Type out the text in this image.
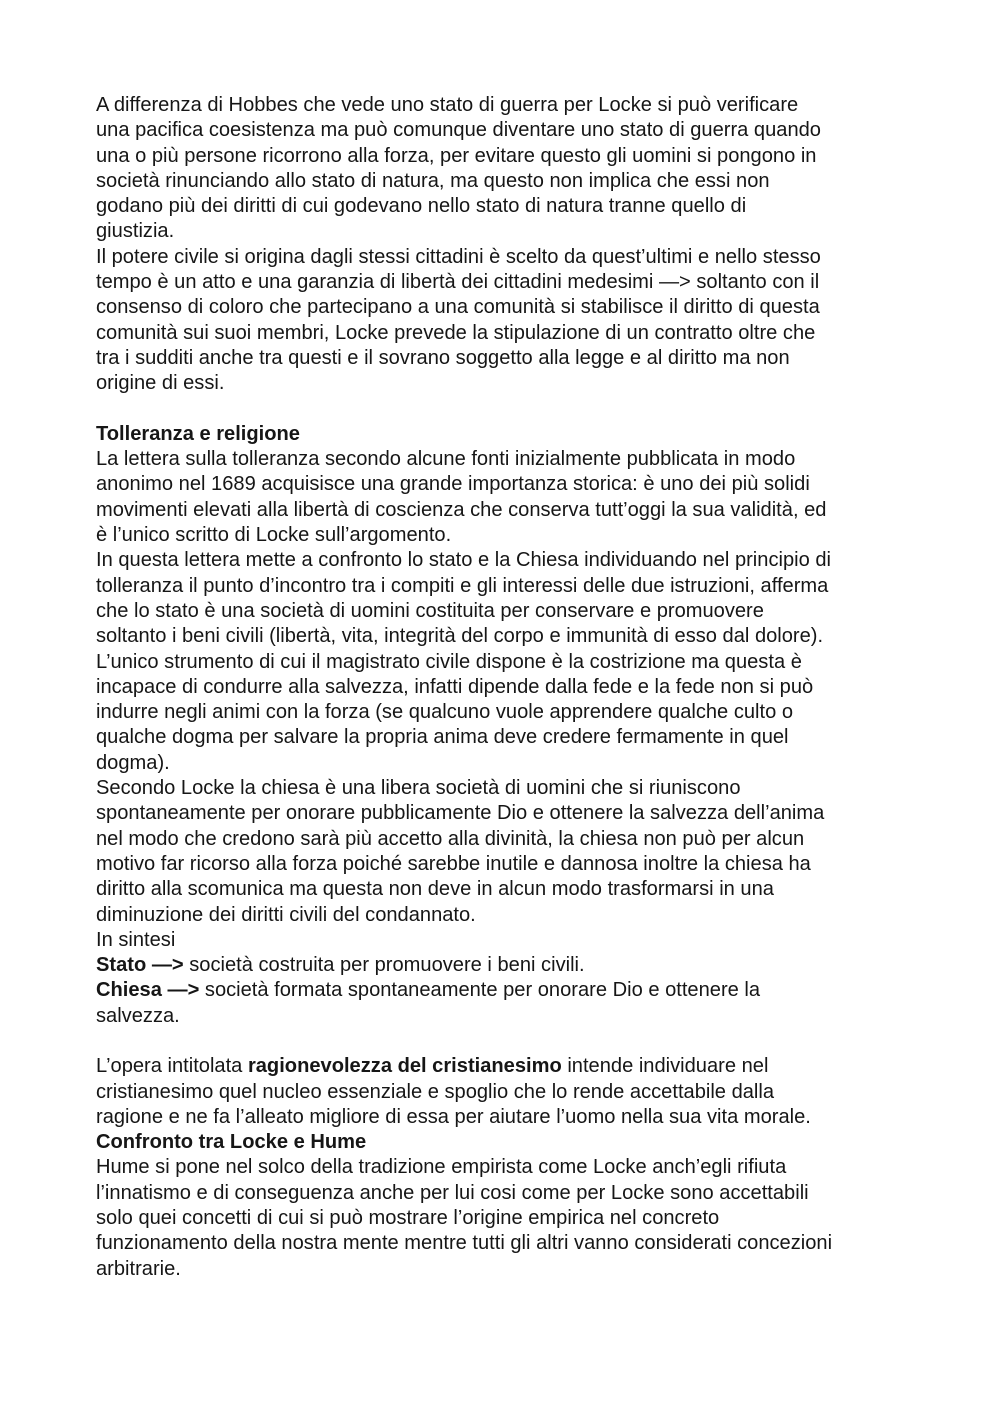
A differenza di Hobbes che vede uno stato di guerra per Locke si può verificare
una pacifica coesistenza ma può comunque diventare uno stato di guerra quando
una o più persone ricorrono alla forza, per evitare questo gli uomini si pongono in
società rinunciando allo stato di natura, ma questo non implica che essi non
godano più dei diritti di cui godevano nello stato di natura tranne quello di
giustizia.
Il potere civile si origina dagli stessi cittadini è scelto da quest’ultimi e nello stesso
tempo è un atto e una garanzia di libertà dei cittadini medesimi —> soltanto con il
consenso di coloro che partecipano a una comunità si stabilisce il diritto di questa
comunità sui suoi membri, Locke prevede la stipulazione di un contratto oltre che
tra i sudditi anche tra questi e il sovrano soggetto alla legge e al diritto ma non
origine di essi.
Tolleranza e religione
La lettera sulla tolleranza secondo alcune fonti inizialmente pubblicata in modo
anonimo nel 1689 acquisisce una grande importanza storica: è uno dei più solidi
movimenti elevati alla libertà di coscienza che conserva tutt’oggi la sua validità, ed
è l’unico scritto di Locke sull’argomento.
In questa lettera mette a confronto lo stato e la Chiesa individuando nel principio di
tolleranza il punto d’incontro tra i compiti e gli interessi delle due istruzioni, afferma
che lo stato è una società di uomini costituita per conservare e promuovere
soltanto i beni civili (libertà, vita, integrità del corpo e immunità di esso dal dolore).
L’unico strumento di cui il magistrato civile dispone è la costrizione ma questa è
incapace di condurre alla salvezza, infatti dipende dalla fede e la fede non si può
indurre negli animi con la forza (se qualcuno vuole apprendere qualche culto o
qualche dogma per salvare la propria anima deve credere fermamente in quel
dogma).
Secondo Locke la chiesa è una libera società di uomini che si riuniscono
spontaneamente per onorare pubblicamente Dio e ottenere la salvezza dell’anima
nel modo che credono sarà più accetto alla divinità, la chiesa non può per alcun
motivo far ricorso alla forza poiché sarebbe inutile e dannosa inoltre la chiesa ha
diritto alla scomunica ma questa non deve in alcun modo trasformarsi in una
diminuzione dei diritti civili del condannato.
In sintesi
Stato —> società costruita per promuovere i beni civili.
Chiesa —> società formata spontaneamente per onorare Dio e ottenere la
salvezza.
L’opera intitolata ragionevolezza del cristianesimo intende individuare nel
cristianesimo quel nucleo essenziale e spoglio che lo rende accettabile dalla
ragione e ne fa l’alleato migliore di essa per aiutare l’uomo nella sua vita morale.
Confronto tra Locke e Hume
Hume si pone nel solco della tradizione empirista come Locke anch’egli rifiuta
l’innatismo e di conseguenza anche per lui cosi come per Locke sono accettabili
solo quei concetti di cui si può mostrare l’origine empirica nel concreto
funzionamento della nostra mente mentre tutti gli altri vanno considerati concezioni
arbitrarie.
